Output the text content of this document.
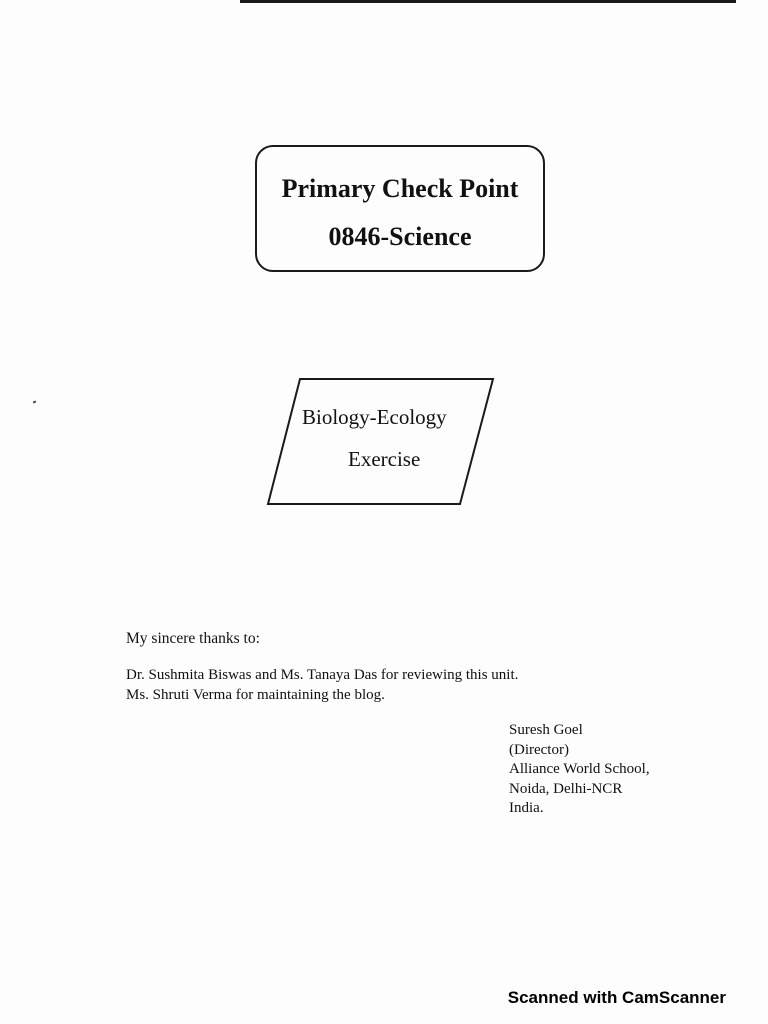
Primary Check Point
0846-Science
Biology-Ecology
Exercise
My sincere thanks to:
Dr. Sushmita Biswas and Ms. Tanaya Das for reviewing this unit.
Ms. Shruti Verma for maintaining the blog.
Suresh Goel
(Director)
Alliance World School,
Noida, Delhi-NCR
India.
Scanned with CamScanner
